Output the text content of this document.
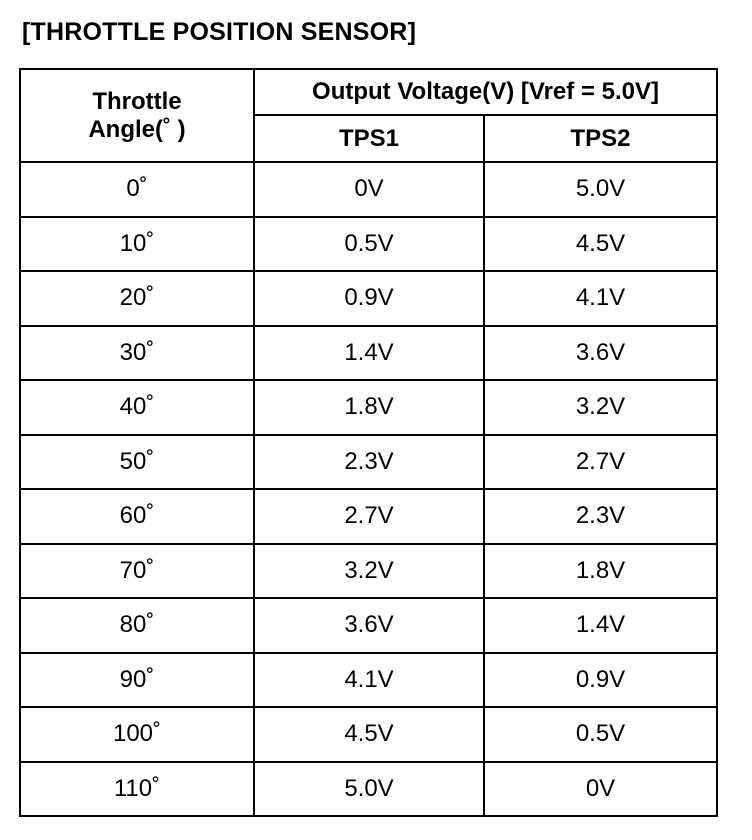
[THROTTLE POSITION SENSOR]
Throttle
Angle(˚ )	Output Voltage(V) [Vref = 5.0V]	
	TPS1	TPS2
0˚	0V	5.0V
10˚	0.5V	4.5V
20˚	0.9V	4.1V
30˚	1.4V	3.6V
40˚	1.8V	3.2V
50˚	2.3V	2.7V
60˚	2.7V	2.3V
70˚	3.2V	1.8V
80˚	3.6V	1.4V
90˚	4.1V	0.9V
100˚	4.5V	0.5V
110˚	5.0V	0V
